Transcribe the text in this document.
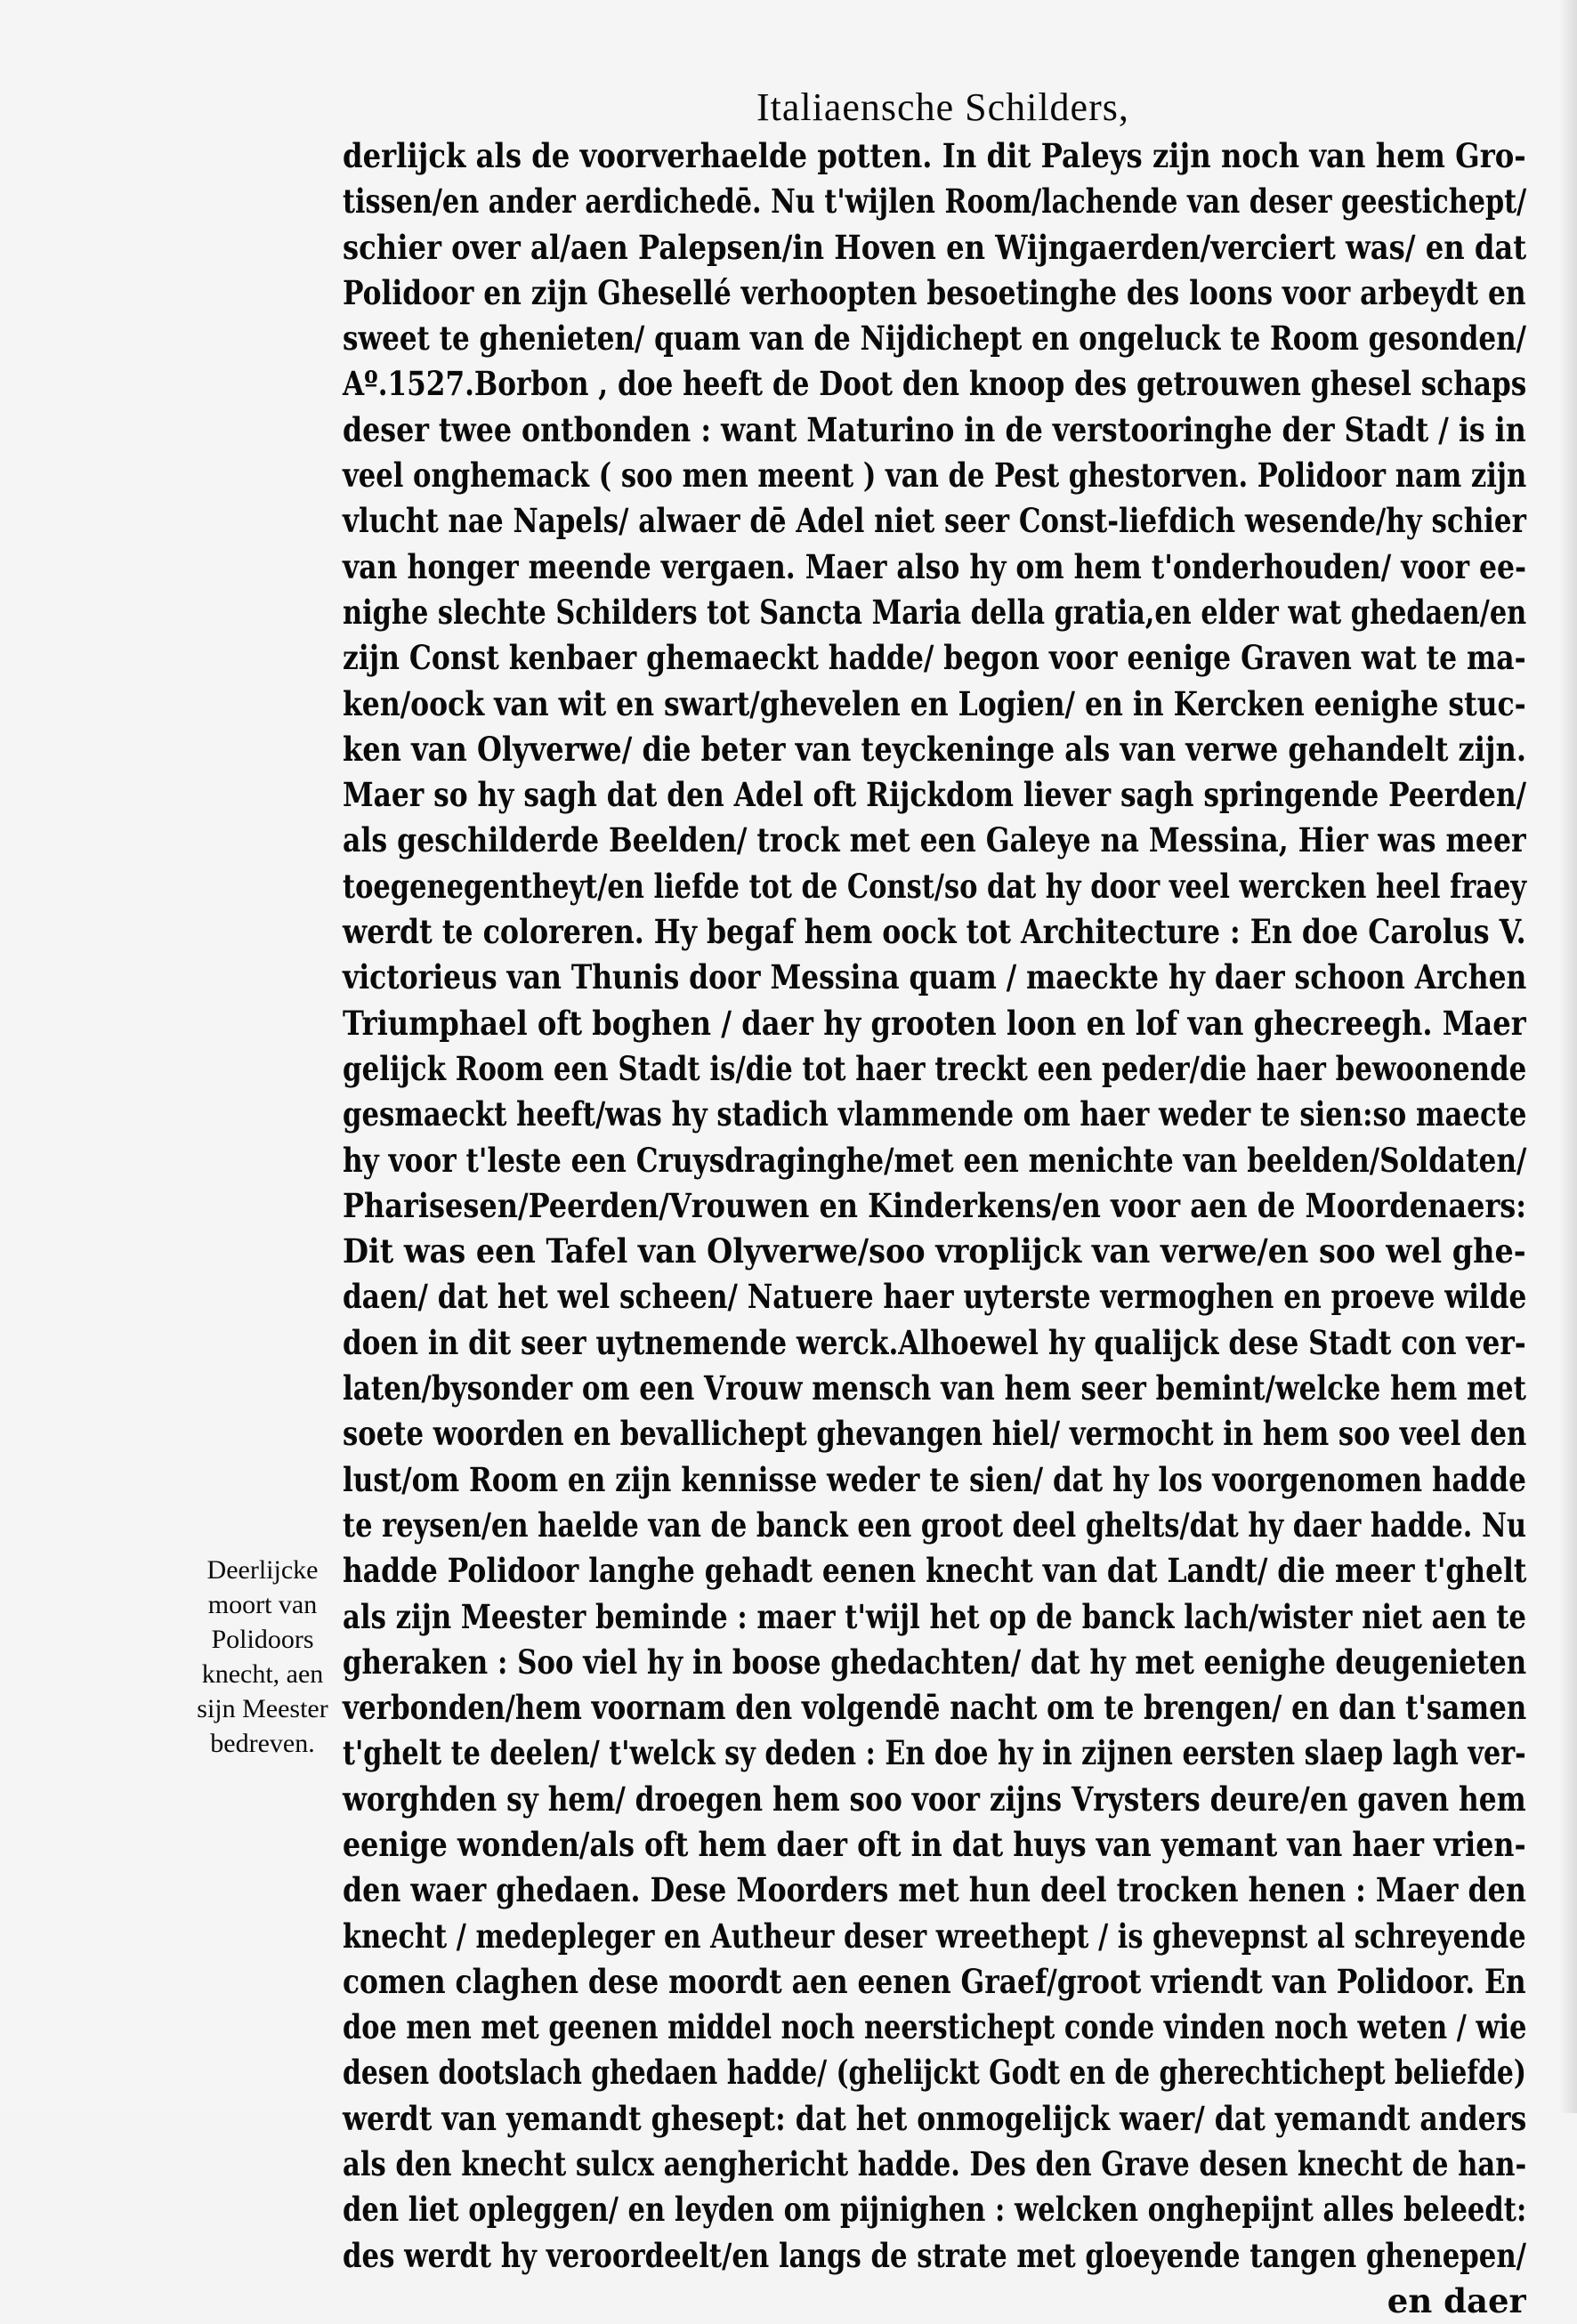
Italiaensche Schilders,
derlijck als de voorverhaelde potten. In dit Paleys zijn noch van hem Gro-
tissen/en ander aerdichedē. Nu t'wijlen Room/lachende van deser geestichept/
schier over al/aen Palepsen/in Hoven en Wijngaerden/verciert was/ en dat
Polidoor en zijn Ghesellé verhoopten besoetinghe des loons voor arbeydt en
sweet te ghenieten/ quam van de Nijdichept en ongeluck te Room gesonden/
Aº.1527.Borbon , doe heeft de Doot den knoop des getrouwen ghesel schaps
deser twee ontbonden : want Maturino in de verstooringhe der Stadt / is in
veel onghemack ( soo men meent ) van de Pest ghestorven. Polidoor nam zijn
vlucht nae Napels/ alwaer dē Adel niet seer Const-liefdich wesende/hy schier
van honger meende vergaen. Maer also hy om hem t'onderhouden/ voor ee-
nighe slechte Schilders tot Sancta Maria della gratia,en elder wat ghedaen/en
zijn Const kenbaer ghemaeckt hadde/ begon voor eenige Graven wat te ma-
ken/oock van wit en swart/ghevelen en Logien/ en in Kercken eenighe stuc-
ken van Olyverwe/ die beter van teyckeninge als van verwe gehandelt zijn.
Maer so hy sagh dat den Adel oft Rijckdom liever sagh springende Peerden/
als geschilderde Beelden/ trock met een Galeye na Messina, Hier was meer
toegenegentheyt/en liefde tot de Const/so dat hy door veel wercken heel fraey
werdt te coloreren. Hy begaf hem oock tot Architecture : En doe Carolus V.
victorieus van Thunis door Messina quam / maeckte hy daer schoon Archen
Triumphael oft boghen / daer hy grooten loon en lof van ghecreegh. Maer
gelijck Room een Stadt is/die tot haer treckt een peder/die haer bewoonende
gesmaeckt heeft/was hy stadich vlammende om haer weder te sien:so maecte
hy voor t'leste een Cruysdraginghe/met een menichte van beelden/Soldaten/
Pharisesen/Peerden/Vrouwen en Kinderkens/en voor aen de Moordenaers:
Dit was een Tafel van Olyverwe/soo vroplijck van verwe/en soo wel ghe-
daen/ dat het wel scheen/ Natuere haer uyterste vermoghen en proeve wilde
doen in dit seer uytnemende werck.Alhoewel hy qualijck dese Stadt con ver-
laten/bysonder om een Vrouw mensch van hem seer bemint/welcke hem met
soete woorden en bevallichept ghevangen hiel/ vermocht in hem soo veel den
lust/om Room en zijn kennisse weder te sien/ dat hy los voorgenomen hadde
te reysen/en haelde van de banck een groot deel ghelts/dat hy daer hadde. Nu
hadde Polidoor langhe gehadt eenen knecht van dat Landt/ die meer t'ghelt
als zijn Meester beminde : maer t'wijl het op de banck lach/wister niet aen te
gheraken : Soo viel hy in boose ghedachten/ dat hy met eenighe deugenieten
verbonden/hem voornam den volgendē nacht om te brengen/ en dan t'samen
t'ghelt te deelen/ t'welck sy deden : En doe hy in zijnen eersten slaep lagh ver-
worghden sy hem/ droegen hem soo voor zijns Vrysters deure/en gaven hem
eenige wonden/als oft hem daer oft in dat huys van yemant van haer vrien-
den waer ghedaen. Dese Moorders met hun deel trocken henen : Maer den
knecht / medepleger en Autheur deser wreethept / is ghevepnst al schreyende
comen claghen dese moordt aen eenen Graef/groot vriendt van Polidoor. En
doe men met geenen middel noch neerstichept conde vinden noch weten / wie
desen dootslach ghedaen hadde/ (ghelijckt Godt en de gherechtichept beliefde)
werdt van yemandt ghesept: dat het onmogelijck waer/ dat yemandt anders
als den knecht sulcx aenghericht hadde. Des den Grave desen knecht de han-
den liet opleggen/ en leyden om pijnighen : welcken onghepijnt alles beleedt:
des werdt hy veroordeelt/en langs de strate met gloeyende tangen ghenepen/
en daer
Deerlijcke
moort van
Polidoors
knecht, aen
sijn Meester
bedreven.
